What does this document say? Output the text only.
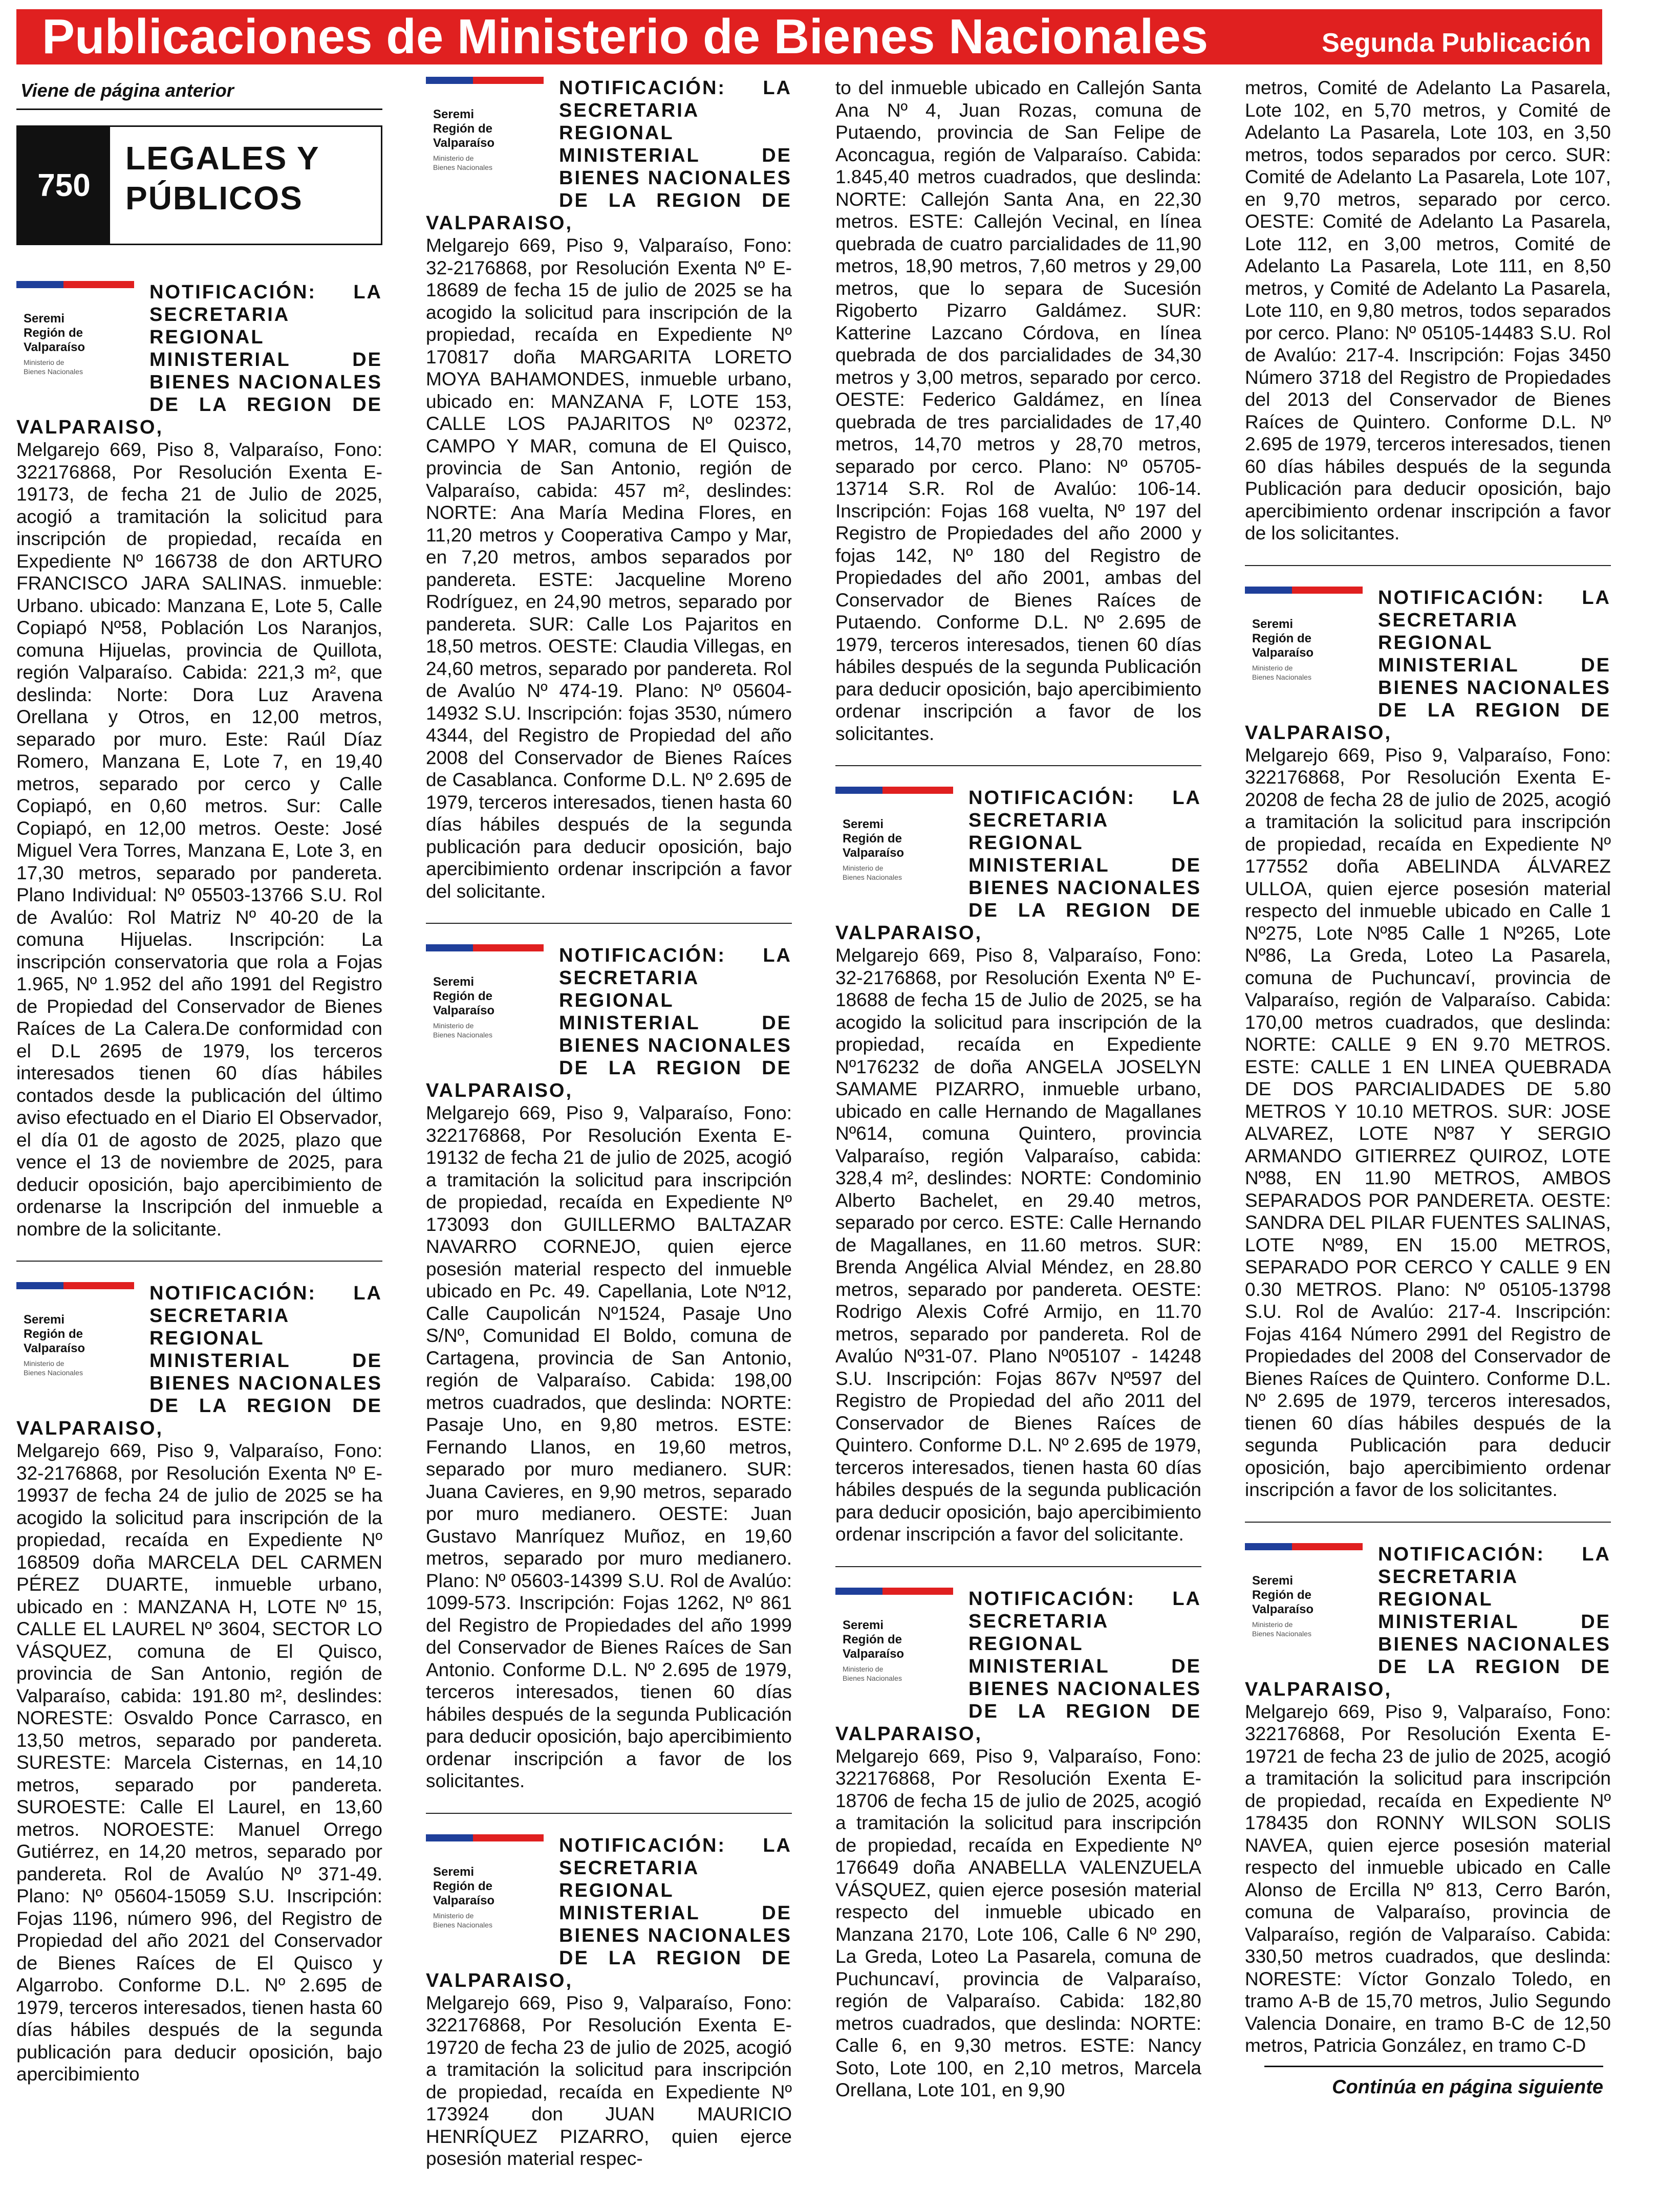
Publicaciones de Ministerio de Bienes Nacionales	Segunda Publicación
Viene de página anterior
750
LEGALES Y
PÚBLICOS
Seremi
Región de
Valparaíso
Ministerio de
Bienes Nacionales
NOTIFICACIÓN: LA SECRETARIA REGIONAL MINISTERIAL DE BIENES NACIONALES DE LA REGION DE VALPARAISO,
Melgarejo 669, Piso 8, Valparaíso, Fono: 322176868, Por Resolución Exenta E-19173, de fecha 21 de Julio de 2025, acogió a tramitación la solicitud para inscripción de propiedad, recaída en Expediente Nº 166738 de don ARTURO FRANCISCO JARA SALINAS. inmueble: Urbano. ubicado: Manzana E, Lote 5, Calle Copiapó Nº58, Población Los Naranjos, comuna Hijuelas, provincia de Quillota, región Valparaíso. Cabida: 221,3 m², que deslinda: Norte: Dora Luz Aravena Orellana y Otros, en 12,00 metros, separado por muro. Este: Raúl Díaz Romero, Manzana E, Lote 7, en 19,40 metros, separado por cerco y Calle Copiapó, en 0,60 metros. Sur: Calle Copiapó, en 12,00 metros. Oeste: José Miguel Vera Torres, Manzana E, Lote 3, en 17,30 metros, separado por pandereta. Plano Individual: Nº 05503-13766 S.U. Rol de Avalúo: Rol Matriz Nº 40-20 de la comuna Hijuelas. Inscripción: La inscripción conservatoria que rola a Fojas 1.965, Nº 1.952 del año 1991 del Registro de Propiedad del Conservador de Bienes Raíces de La Calera.De conformidad con el D.L 2695 de 1979, los terceros interesados tienen 60 días hábiles contados desde la publicación del último aviso efectuado en el Diario El Observador, el día 01 de agosto de 2025, plazo que vence el 13 de noviembre de 2025, para deducir oposición, bajo apercibimiento de ordenarse la Inscripción del inmueble a nombre de la solicitante.
Seremi
Región de
Valparaíso
Ministerio de
Bienes Nacionales
NOTIFICACIÓN: LA SECRETARIA REGIONAL MINISTERIAL DE BIENES NACIONALES DE LA REGION DE VALPARAISO,
Melgarejo 669, Piso 9, Valparaíso, Fono: 32-2176868, por Resolución Exenta Nº E-19937 de fecha 24 de julio de 2025 se ha acogido la solicitud para inscripción de la propiedad, recaída en Expediente Nº 168509 doña MARCELA DEL CARMEN PÉREZ DUARTE, inmueble urbano, ubicado en : MANZANA H, LOTE Nº 15, CALLE EL LAUREL Nº 3604, SECTOR LO VÁSQUEZ, comuna de El Quisco, provincia de San Antonio, región de Valparaíso, cabida: 191.80 m², deslindes: NORESTE: Osvaldo Ponce Carrasco, en 13,50 metros, separado por pandereta. SURESTE: Marcela Cisternas, en 14,10 metros, separado por pandereta. SUROESTE: Calle El Laurel, en 13,60 metros. NOROESTE: Manuel Orrego Gutiérrez, en 14,20 metros, separado por pandereta. Rol de Avalúo Nº 371-49. Plano: Nº 05604-15059 S.U. Inscripción: Fojas 1196, número 996, del Registro de Propiedad del año 2021 del Conservador de Bienes Raíces de El Quisco y Algarrobo. Conforme D.L. Nº 2.695 de 1979, terceros interesados, tienen hasta 60 días hábiles después de la segunda publicación para deducir oposición, bajo apercibimiento
Seremi
Región de
Valparaíso
Ministerio de
Bienes Nacionales
NOTIFICACIÓN: LA SECRETARIA REGIONAL MINISTERIAL DE BIENES NACIONALES DE LA REGION DE VALPARAISO,
Melgarejo 669, Piso 9, Valparaíso, Fono: 32-2176868, por Resolución Exenta Nº E-18689 de fecha 15 de julio de 2025 se ha acogido la solicitud para inscripción de la propiedad, recaída en Expediente Nº 170817 doña MARGARITA LORETO MOYA BAHAMONDES, inmueble urbano, ubicado en: MANZANA F, LOTE 153, CALLE LOS PAJARITOS Nº 02372, CAMPO Y MAR, comuna de El Quisco, provincia de San Antonio, región de Valparaíso, cabida: 457 m², deslindes: NORTE: Ana María Medina Flores, en 11,20 metros y Cooperativa Campo y Mar, en 7,20 metros, ambos separados por pandereta. ESTE: Jacqueline Moreno Rodríguez, en 24,90 metros, separado por pandereta. SUR: Calle Los Pajaritos en 18,50 metros. OESTE: Claudia Villegas, en 24,60 metros, separado por pandereta. Rol de Avalúo Nº 474-19. Plano: Nº 05604-14932 S.U. Inscripción: fojas 3530, número 4344, del Registro de Propiedad del año 2008 del Conservador de Bienes Raíces de Casablanca. Conforme D.L. Nº 2.695 de 1979, terceros interesados, tienen hasta 60 días hábiles después de la segunda publicación para deducir oposición, bajo apercibimiento ordenar inscripción a favor del solicitante.
Seremi
Región de
Valparaíso
Ministerio de
Bienes Nacionales
NOTIFICACIÓN: LA SECRETARIA REGIONAL MINISTERIAL DE BIENES NACIONALES DE LA REGION DE VALPARAISO,
Melgarejo 669, Piso 9, Valparaíso, Fono: 322176868, Por Resolución Exenta E-19132 de fecha 21 de julio de 2025, acogió a tramitación la solicitud para inscripción de propiedad, recaída en Expediente Nº 173093 don GUILLERMO BALTAZAR NAVARRO CORNEJO, quien ejerce posesión material respecto del inmueble ubicado en Pc. 49. Capellania, Lote Nº12, Calle Caupolicán Nº1524, Pasaje Uno S/Nº, Comunidad El Boldo, comuna de Cartagena, provincia de San Antonio, región de Valparaíso. Cabida: 198,00 metros cuadrados, que deslinda: NORTE: Pasaje Uno, en 9,80 metros. ESTE: Fernando Llanos, en 19,60 metros, separado por muro medianero. SUR: Juana Cavieres, en 9,90 metros, separado por muro medianero. OESTE: Juan Gustavo Manríquez Muñoz, en 19,60 metros, separado por muro medianero. Plano: Nº 05603-14399 S.U. Rol de Avalúo: 1099-573. Inscripción: Fojas 1262, Nº 861 del Registro de Propiedades del año 1999 del Conservador de Bienes Raíces de San Antonio. Conforme D.L. Nº 2.695 de 1979, terceros interesados, tienen 60 días hábiles después de la segunda Publicación para deducir oposición, bajo apercibimiento ordenar inscripción a favor de los solicitantes.
Seremi
Región de
Valparaíso
Ministerio de
Bienes Nacionales
NOTIFICACIÓN: LA SECRETARIA REGIONAL MINISTERIAL DE BIENES NACIONALES DE LA REGION DE VALPARAISO,
Melgarejo 669, Piso 9, Valparaíso, Fono: 322176868, Por Resolución Exenta E-19720 de fecha 23 de julio de 2025, acogió a tramitación la solicitud para inscripción de propiedad, recaída en Expediente Nº 173924 don JUAN MAURICIO HENRÍQUEZ PIZARRO, quien ejerce posesión material respec-
to del inmueble ubicado en Callejón Santa Ana Nº 4, Juan Rozas, comuna de Putaendo, provincia de San Felipe de Aconcagua, región de Valparaíso. Cabida: 1.845,40 metros cuadrados, que deslinda: NORTE: Callejón Santa Ana, en 22,30 metros. ESTE: Callejón Vecinal, en línea quebrada de cuatro parcialidades de 11,90 metros, 18,90 metros, 7,60 metros y 29,00 metros, que lo separa de Sucesión Rigoberto Pizarro Galdámez. SUR: Katterine Lazcano Córdova, en línea quebrada de dos parcialidades de 34,30 metros y 3,00 metros, separado por cerco. OESTE: Federico Galdámez, en línea quebrada de tres parcialidades de 17,40 metros, 14,70 metros y 28,70 metros, separado por cerco. Plano: Nº 05705-13714 S.R. Rol de Avalúo: 106-14. Inscripción: Fojas 168 vuelta, Nº 197 del Registro de Propiedades del año 2000 y fojas 142, Nº 180 del Registro de Propiedades del año 2001, ambas del Conservador de Bienes Raíces de Putaendo. Conforme D.L. Nº 2.695 de 1979, terceros interesados, tienen 60 días hábiles después de la segunda Publicación para deducir oposición, bajo apercibimiento ordenar inscripción a favor de los solicitantes.
Seremi
Región de
Valparaíso
Ministerio de
Bienes Nacionales
NOTIFICACIÓN: LA SECRETARIA REGIONAL MINISTERIAL DE BIENES NACIONALES DE LA REGION DE VALPARAISO,
Melgarejo 669, Piso 8, Valparaíso, Fono: 32-2176868, por Resolución Exenta Nº E-18688 de fecha 15 de Julio de 2025, se ha acogido la solicitud para inscripción de la propiedad, recaída en Expediente Nº176232 de doña ANGELA JOSELYN SAMAME PIZARRO, inmueble urbano, ubicado en calle Hernando de Magallanes Nº614, comuna Quintero, provincia Valparaíso, región Valparaíso, cabida: 328,4 m², deslindes: NORTE: Condominio Alberto Bachelet, en 29.40 metros, separado por cerco. ESTE: Calle Hernando de Magallanes, en 11.60 metros. SUR: Brenda Angélica Alvial Méndez, en 28.80 metros, separado por pandereta. OESTE: Rodrigo Alexis Cofré Armijo, en 11.70 metros, separado por pandereta. Rol de Avalúo Nº31-07. Plano Nº05107 - 14248 S.U. Inscripción: Fojas 867v Nº597 del Registro de Propiedad del año 2011 del Conservador de Bienes Raíces de Quintero. Conforme D.L. Nº 2.695 de 1979, terceros interesados, tienen hasta 60 días hábiles después de la segunda publicación para deducir oposición, bajo apercibimiento ordenar inscripción a favor del solicitante.
Seremi
Región de
Valparaíso
Ministerio de
Bienes Nacionales
NOTIFICACIÓN: LA SECRETARIA REGIONAL MINISTERIAL DE BIENES NACIONALES DE LA REGION DE VALPARAISO,
Melgarejo 669, Piso 9, Valparaíso, Fono: 322176868, Por Resolución Exenta E-18706 de fecha 15 de julio de 2025, acogió a tramitación la solicitud para inscripción de propiedad, recaída en Expediente Nº 176649 doña ANABELLA VALENZUELA VÁSQUEZ, quien ejerce posesión material respecto del inmueble ubicado en Manzana 2170, Lote 106, Calle 6 Nº 290, La Greda, Loteo La Pasarela, comuna de Puchuncaví, provincia de Valparaíso, región de Valparaíso. Cabida: 182,80 metros cuadrados, que deslinda: NORTE: Calle 6, en 9,30 metros. ESTE: Nancy Soto, Lote 100, en 2,10 metros, Marcela Orellana, Lote 101, en 9,90
metros, Comité de Adelanto La Pasarela, Lote 102, en 5,70 metros, y Comité de Adelanto La Pasarela, Lote 103, en 3,50 metros, todos separados por cerco. SUR: Comité de Adelanto La Pasarela, Lote 107, en 9,70 metros, separado por cerco. OESTE: Comité de Adelanto La Pasarela, Lote 112, en 3,00 metros, Comité de Adelanto La Pasarela, Lote 111, en 8,50 metros, y Comité de Adelanto La Pasarela, Lote 110, en 9,80 metros, todos separados por cerco. Plano: Nº 05105-14483 S.U. Rol de Avalúo: 217-4. Inscripción: Fojas 3450 Número 3718 del Registro de Propiedades del 2013 del Conservador de Bienes Raíces de Quintero. Conforme D.L. Nº 2.695 de 1979, terceros interesados, tienen 60 días hábiles después de la segunda Publicación para deducir oposición, bajo apercibimiento ordenar inscripción a favor de los solicitantes.
Seremi
Región de
Valparaíso
Ministerio de
Bienes Nacionales
NOTIFICACIÓN: LA SECRETARIA REGIONAL MINISTERIAL DE BIENES NACIONALES DE LA REGION DE VALPARAISO,
Melgarejo 669, Piso 9, Valparaíso, Fono: 322176868, Por Resolución Exenta E-20208 de fecha 28 de julio de 2025, acogió a tramitación la solicitud para inscripción de propiedad, recaída en Expediente Nº 177552 doña ABELINDA ÁLVAREZ ULLOA, quien ejerce posesión material respecto del inmueble ubicado en Calle 1 Nº275, Lote Nº85 Calle 1 Nº265, Lote Nº86, La Greda, Loteo La Pasarela, comuna de Puchuncaví, provincia de Valparaíso, región de Valparaíso. Cabida: 170,00 metros cuadrados, que deslinda: NORTE: CALLE 9 EN 9.70 METROS. ESTE: CALLE 1 EN LINEA QUEBRADA DE DOS PARCIALIDADES DE 5.80 METROS Y 10.10 METROS. SUR: JOSE ALVAREZ, LOTE Nº87 Y SERGIO ARMANDO GITIERREZ QUIROZ, LOTE Nº88, EN 11.90 METROS, AMBOS SEPARADOS POR PANDERETA. OESTE: SANDRA DEL PILAR FUENTES SALINAS, LOTE Nº89, EN 15.00 METROS, SEPARADO POR CERCO Y CALLE 9 EN 0.30 METROS. Plano: Nº 05105-13798 S.U. Rol de Avalúo: 217-4. Inscripción: Fojas 4164 Número 2991 del Registro de Propiedades del 2008 del Conservador de Bienes Raíces de Quintero. Conforme D.L. Nº 2.695 de 1979, terceros interesados, tienen 60 días hábiles después de la segunda Publicación para deducir oposición, bajo apercibimiento ordenar inscripción a favor de los solicitantes.
Seremi
Región de
Valparaíso
Ministerio de
Bienes Nacionales
NOTIFICACIÓN: LA SECRETARIA REGIONAL MINISTERIAL DE BIENES NACIONALES DE LA REGION DE VALPARAISO,
Melgarejo 669, Piso 9, Valparaíso, Fono: 322176868, Por Resolución Exenta E-19721 de fecha 23 de julio de 2025, acogió a tramitación la solicitud para inscripción de propiedad, recaída en Expediente Nº 178435 don RONNY WILSON SOLIS NAVEA, quien ejerce posesión material respecto del inmueble ubicado en Calle Alonso de Ercilla Nº 813, Cerro Barón, comuna de Valparaíso, provincia de Valparaíso, región de Valparaíso. Cabida: 330,50 metros cuadrados, que deslinda: NORESTE: Víctor Gonzalo Toledo, en tramo A-B de 15,70 metros, Julio Segundo Valencia Donaire, en tramo B-C de 12,50 metros, Patricia González, en tramo C-D
Continúa en página siguiente
